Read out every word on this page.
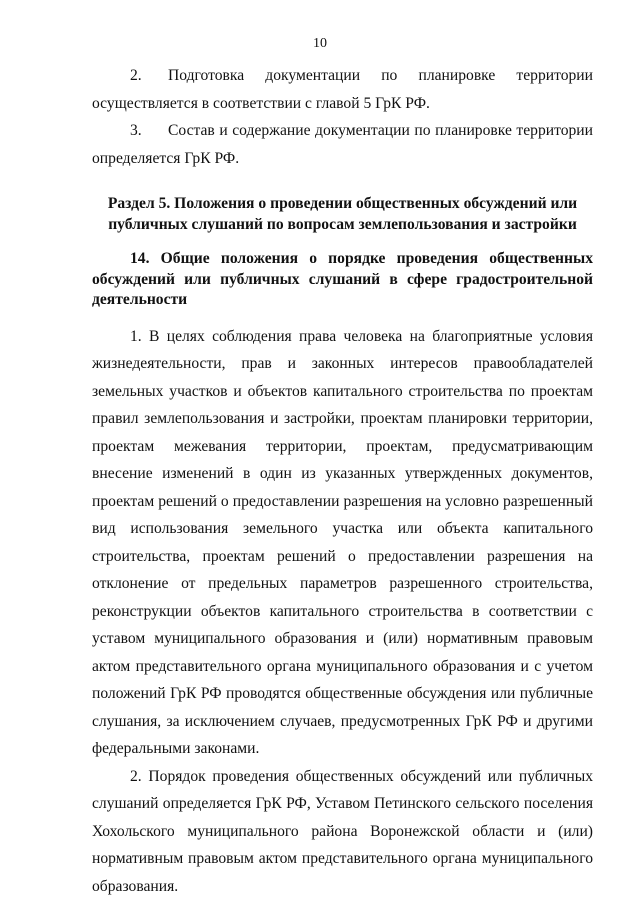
10

2. Подготовка документации по планировке территории осуществляется в соответствии с главой 5 ГрК РФ.

3. Состав и содержание документации по планировке территории определяется ГрК РФ.

Раздел 5. Положения о проведении общественных обсуждений или публичных слушаний по вопросам землепользования и застройки
14. Общие положения о порядке проведения общественных обсуждений или публичных слушаний в сфере градостроительной деятельности

1. В целях соблюдения права человека на благоприятные условия жизнедеятельности, прав и законных интересов правообладателей земельных участков и объектов капитального строительства по проектам правил землепользования и застройки, проектам планировки территории, проектам межевания территории, проектам, предусматривающим внесение изменений в один из указанных утвержденных документов, проектам решений о предоставлении разрешения на условно разрешенный вид использования земельного участка или объекта капитального строительства, проектам решений о предоставлении разрешения на отклонение от предельных параметров разрешенного строительства, реконструкции объектов капитального строительства в соответствии с уставом муниципального образования и (или) нормативным правовым актом представительного органа муниципального образования и с учетом положений ГрК РФ проводятся общественные обсуждения или публичные слушания, за исключением случаев, предусмотренных ГрК РФ и другими федеральными законами.

2. Порядок проведения общественных обсуждений или публичных слушаний определяется ГрК РФ, Уставом Петинского сельского поселения Хохольского муниципального района Воронежской области и (или) нормативным правовым актом представительного органа муниципального образования.
